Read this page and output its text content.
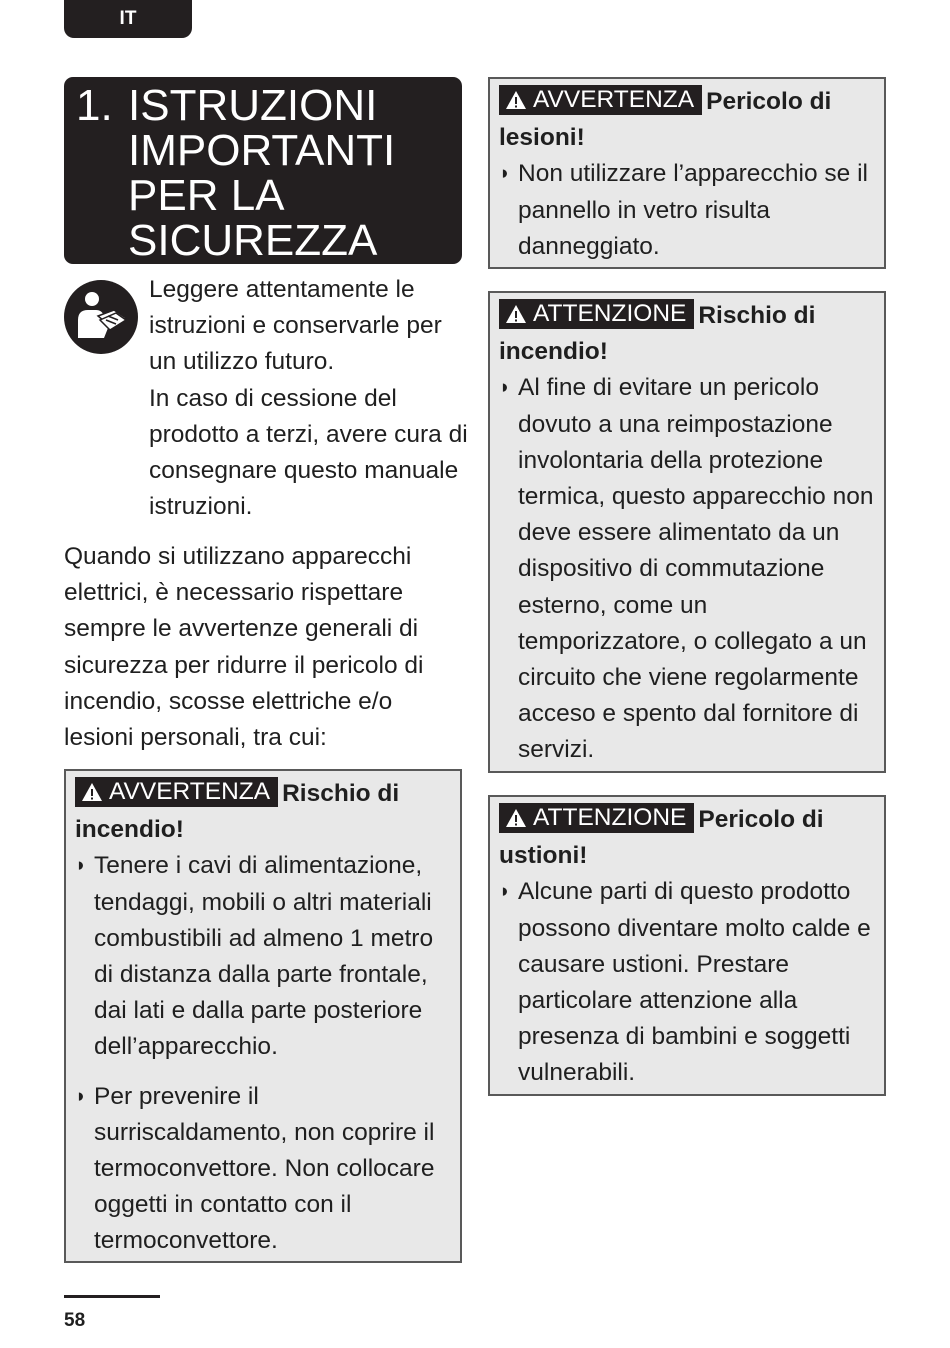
IT
1. ISTRUZIONI
IMPORTANTI
PER LA
SICUREZZA

Leggere attentamente le istruzioni e conservarle per un utilizzo futuro.

In caso di cessione del prodotto a terzi, avere cura di consegnare questo manuale istruzioni.

Quando si utilizzano apparecchi elettrici, è necessario rispettare sempre le avvertenze generali di sicurezza per ridurre il pericolo di incendio, scosse elettriche e/o lesioni personali, tra cui:

AVVERTENZA Rischio di incendio!
◗ Tenere i cavi di alimentazione, tendaggi, mobili o altri materiali combustibili ad almeno 1 metro di distanza dalla parte frontale, dai lati e dalla parte posteriore dell’apparecchio.
◗ Per prevenire il surriscaldamento, non coprire il termoconvettore. Non collocare oggetti in contatto con il termoconvettore.
AVVERTENZA Pericolo di lesioni!
◗ Non utilizzare l’apparecchio se il pannello in vetro risulta danneggiato.
ATTENZIONE Rischio di incendio!
◗ Al fine di evitare un pericolo dovuto a una reimpostazione involontaria della protezione termica, questo apparecchio non deve essere alimentato da un dispositivo di commutazione esterno, come un temporizzatore, o collegato a un circuito che viene regolarmente acceso e spento dal fornitore di servizi.
ATTENZIONE Pericolo di ustioni!
◗ Alcune parti di questo prodotto possono diventare molto calde e causare ustioni. Prestare particolare attenzione alla presenza di bambini e soggetti vulnerabili.
58
